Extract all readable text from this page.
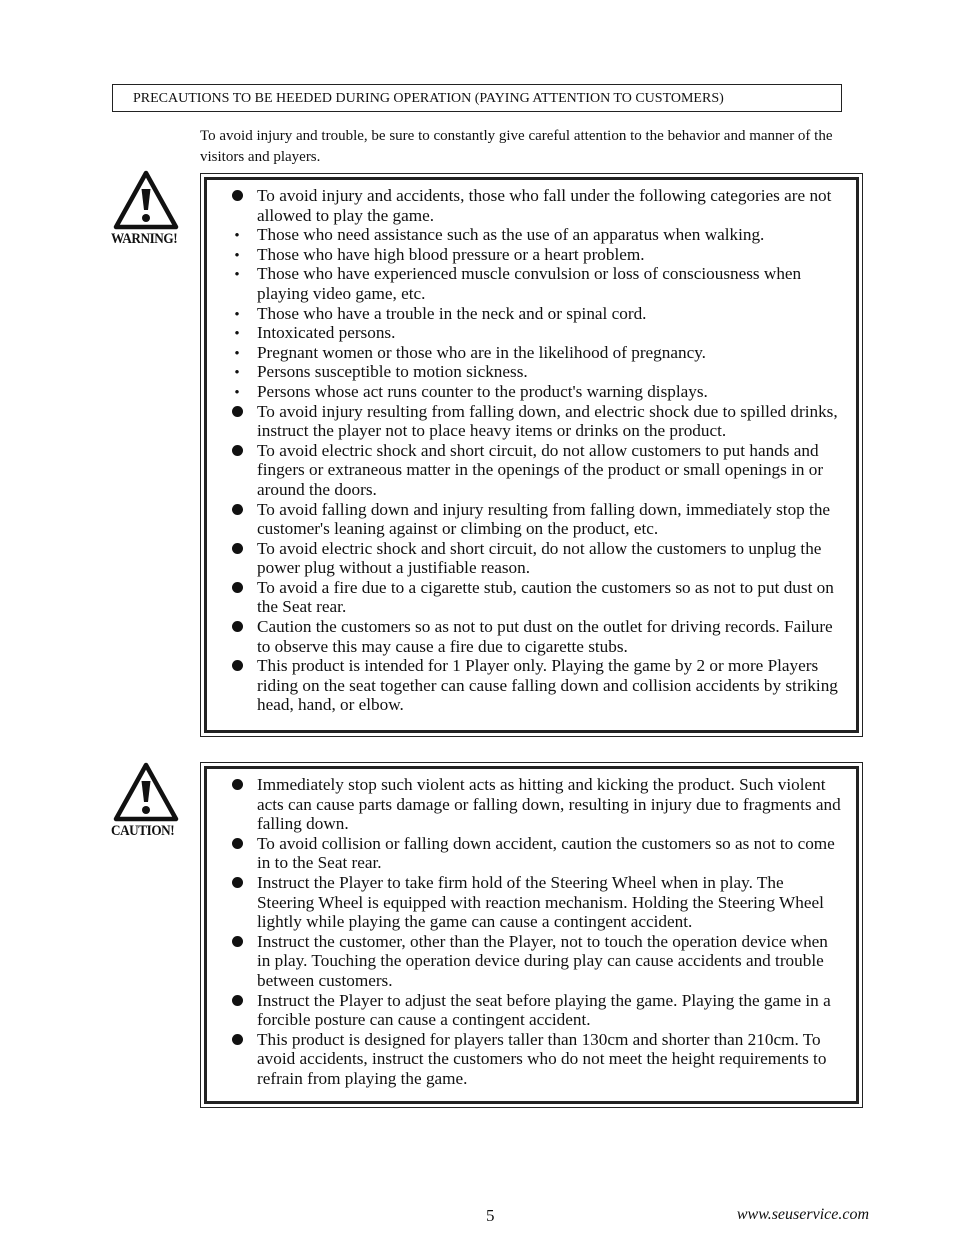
PRECAUTIONS TO BE HEEDED DURING OPERATION (PAYING ATTENTION TO CUSTOMERS)
To avoid injury and trouble, be sure to constantly give careful attention to the behavior and manner of the visitors and players.
WARNING!
To avoid injury and accidents, those who fall under the following categories are not allowed to play the game.
•	Those who need assistance such as the use of an apparatus when walking.
•	Those who have high blood pressure or a heart problem.
•	Those who have experienced muscle convulsion or loss of consciousness when playing video game, etc.
•	Those who have a trouble in the neck and or spinal cord.
•	Intoxicated persons.
•	Pregnant women or those who are in the likelihood of pregnancy.
•	Persons susceptible to motion sickness.
•	Persons whose act runs counter to the product's warning displays.
To avoid injury resulting from falling down, and electric shock due to spilled drinks, instruct the player not to place heavy items or drinks on the product.
To avoid electric shock and short circuit, do not allow customers to put hands and fingers or extraneous matter in the openings of the product or small openings in or around the doors.
To avoid falling down and injury resulting from falling down, immediately stop the customer's leaning against or climbing on the product, etc.
To avoid electric shock and short circuit, do not allow the customers to unplug the power plug without a justifiable reason.
To avoid a fire due to a cigarette stub, caution the customers so as not to put dust on the Seat rear.
Caution the customers so as not to put dust on the outlet for driving records. Failure to observe this may cause a fire due to cigarette stubs.
This product is intended for 1 Player only. Playing the game by 2 or more Players riding on the seat together can cause falling down and collision accidents by striking head, hand, or elbow.
CAUTION!
Immediately stop such violent acts as hitting and kicking the product. Such violent acts can cause parts damage or falling down, resulting in injury due to fragments and falling down.
To avoid collision or falling down accident, caution the customers so as not to come in to the Seat rear.
Instruct the Player to take firm hold of the Steering Wheel when in play. The Steering Wheel is equipped with reaction mechanism. Holding the Steering Wheel lightly while playing the game can cause a contingent accident.
Instruct the customer, other than the Player, not to touch the operation device when in play. Touching the operation device during play can cause accidents and trouble between customers.
Instruct the Player to adjust the seat before playing the game. Playing the game in a forcible posture can cause a contingent accident.
This product is designed for players taller than 130cm and shorter than 210cm. To avoid accidents, instruct the customers who do not meet the height requirements to refrain from playing the game.
5	www.seuservice.com
